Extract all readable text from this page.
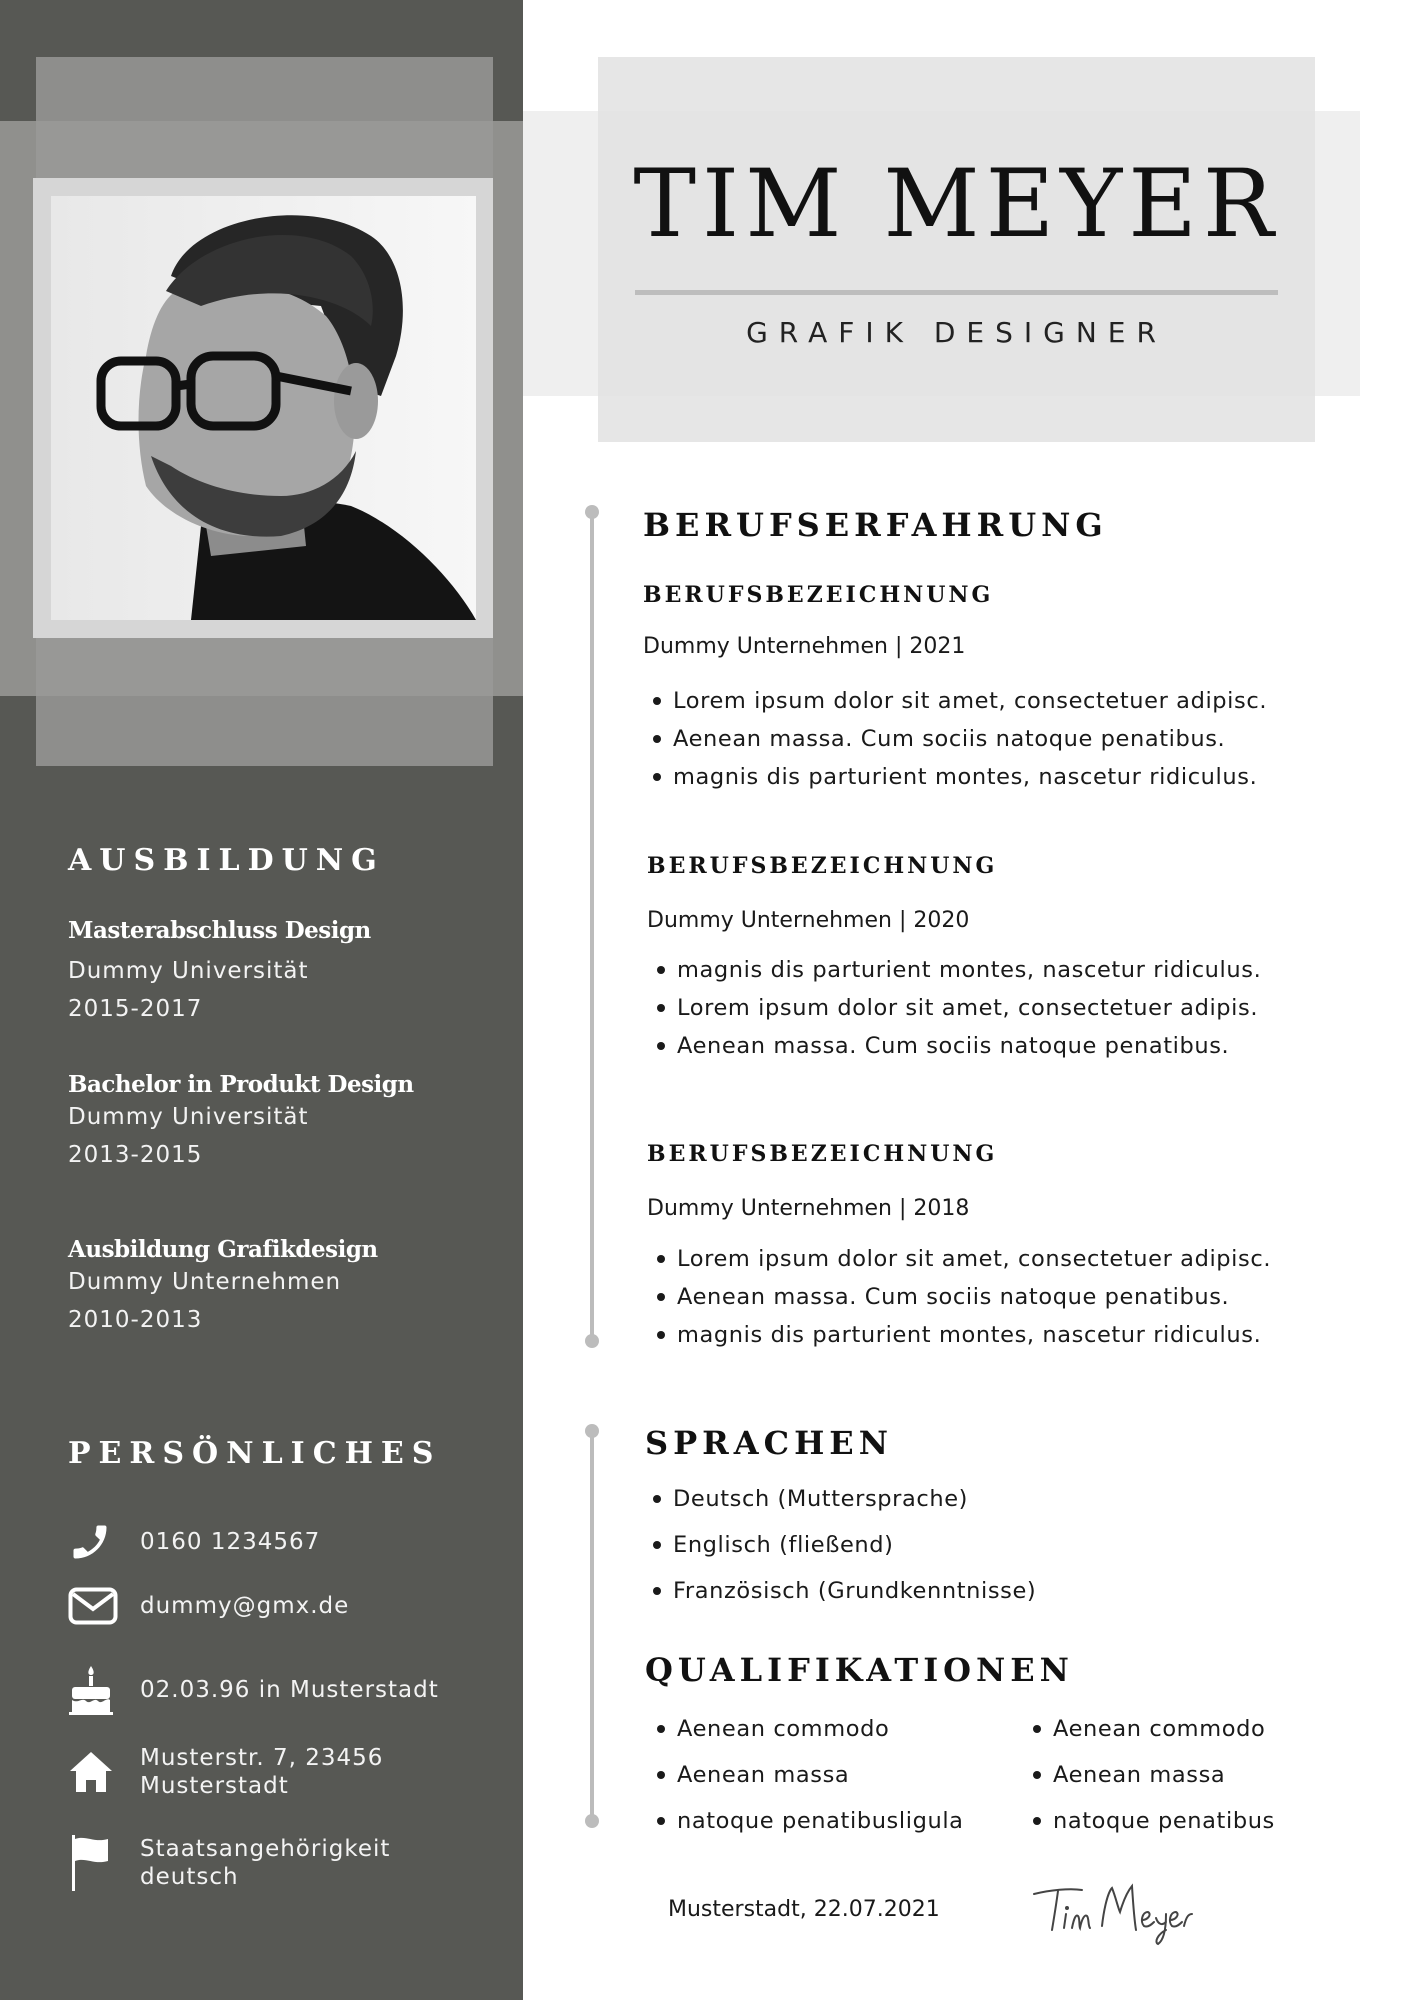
AUSBILDUNG
Masterabschluss Design
Dummy Universität
2015-2017
Bachelor in Produkt Design
Dummy Universität
2013-2015
Ausbildung Grafikdesign
Dummy Unternehmen
2010-2013
PERSÖNLICHES
0160 1234567
dummy@gmx.de
02.03.96 in Musterstadt
Musterstr. 7, 23456
Musterstadt
Staatsangehörigkeit
deutsch
TIM MEYER
GRAFIK DESIGNER
BERUFSERFAHRUNG
BERUFSBEZEICHNUNG
Dummy Unternehmen | 2021
Lorem ipsum dolor sit amet, consectetuer adipisc.
Aenean massa. Cum sociis natoque penatibus.
magnis dis parturient montes, nascetur ridiculus.
BERUFSBEZEICHNUNG
Dummy Unternehmen | 2020
magnis dis parturient montes, nascetur ridiculus.
Lorem ipsum dolor sit amet, consectetuer adipis.
Aenean massa. Cum sociis natoque penatibus.
BERUFSBEZEICHNUNG
Dummy Unternehmen | 2018
Lorem ipsum dolor sit amet, consectetuer adipisc.
Aenean massa. Cum sociis natoque penatibus.
magnis dis parturient montes, nascetur ridiculus.
SPRACHEN
Deutsch (Muttersprache)
Englisch (fließend)
Französisch (Grundkenntnisse)
QUALIFIKATIONEN
Aenean commodo
Aenean massa
natoque penatibusligula
Aenean commodo
Aenean massa
natoque penatibus
Musterstadt, 22.07.2021
